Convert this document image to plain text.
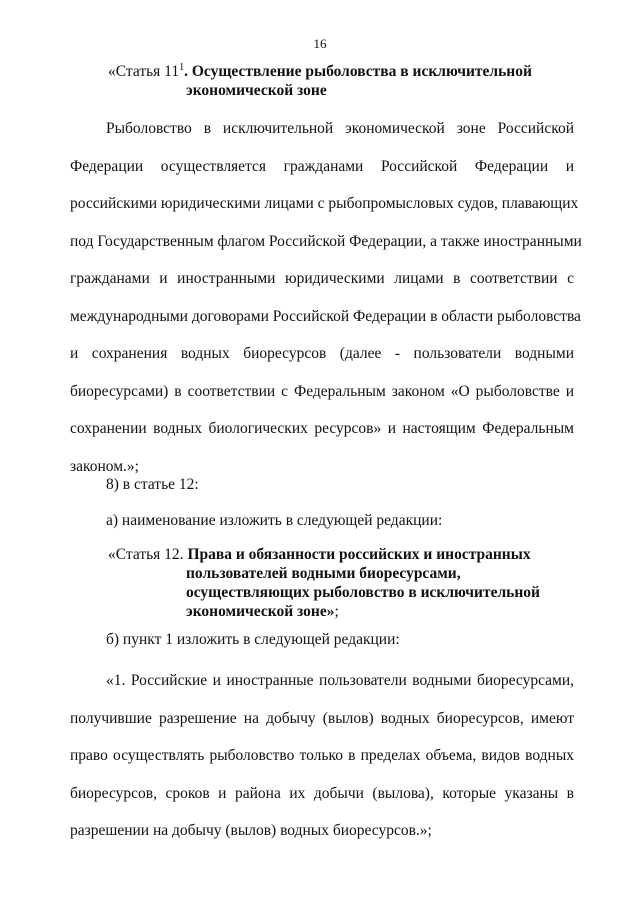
16
«Статья $11^1$. Осуществление рыболовства в исключительной
экономической зоне
Рыболовство в исключительной экономической зоне Российской
Федерации осуществляется гражданами Российской Федерации и
российскими юридическими лицами с рыбопромысловых судов, плавающих
под Государственным флагом Российской Федерации, а также иностранными
гражданами и иностранными юридическими лицами в соответствии с
международными договорами Российской Федерации в области рыболовства
и сохранения водных биоресурсов (далее - пользователи водными
биоресурсами) в соответствии с Федеральным законом «О рыболовстве и
сохранении водных биологических ресурсов» и настоящим Федеральным
законом.»;
8) в статье 12:
а) наименование изложить в следующей редакции:
«Статья 12. Права и обязанности российских и иностранных
пользователей водными биоресурсами,
осуществляющих рыболовство в исключительной
экономической зоне»;
б) пункт 1 изложить в следующей редакции:
«1. Российские и иностранные пользователи водными биоресурсами,
получившие разрешение на добычу (вылов) водных биоресурсов, имеют
право осуществлять рыболовство только в пределах объема, видов водных
биоресурсов, сроков и района их добычи (вылова), которые указаны в
разрешении на добычу (вылов) водных биоресурсов.»;
